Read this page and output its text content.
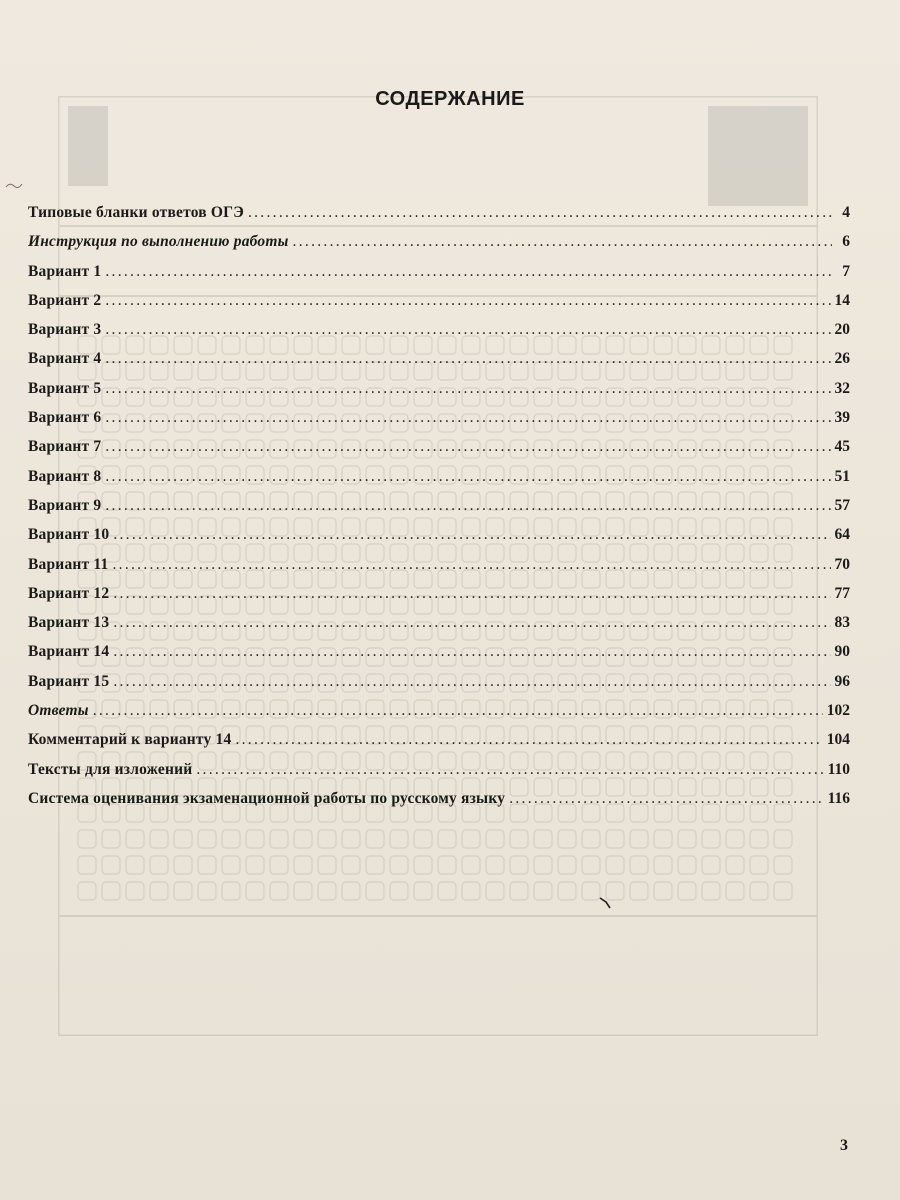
СОДЕРЖАНИЕ
Типовые бланки ответов ОГЭ .....	4
Инструкция по выполнению работы .....	6
Вариант 1 .....	7
Вариант 2 .....	14
Вариант 3 .....	20
Вариант 4 .....	26
Вариант 5 .....	32
Вариант 6 .....	39
Вариант 7 .....	45
Вариант 8 .....	51
Вариант 9 .....	57
Вариант 10 .....	64
Вариант 11 .....	70
Вариант 12 .....	77
Вариант 13 .....	83
Вариант 14 .....	90
Вариант 15 .....	96
Ответы .....	102
Комментарий к варианту 14 .....	104
Тексты для изложений .....	110
Система оценивания экзаменационной работы по русскому языку .....	116
3
